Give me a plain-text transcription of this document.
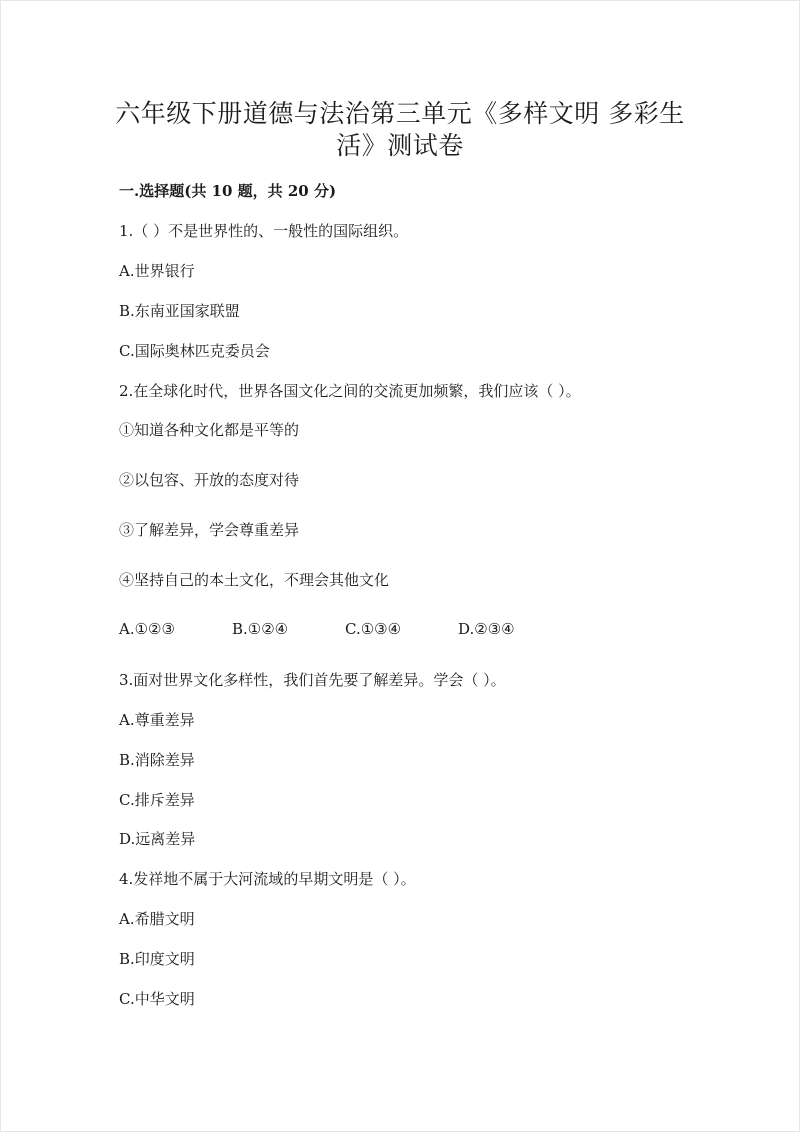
六年级下册道德与法治第三单元《多样文明 多彩生
活》测试卷
一.选择题(共 10 题，共 20 分)
1.（ ）不是世界性的、一般性的国际组织。
A.世界银行
B.东南亚国家联盟
C.国际奥林匹克委员会
2.在全球化时代，世界各国文化之间的交流更加频繁，我们应该（ ）。
①知道各种文化都是平等的
②以包容、开放的态度对待
③了解差异，学会尊重差异
④坚持自己的本土文化，不理会其他文化
A.①②③	B.①②④	C.①③④	D.②③④
3.面对世界文化多样性，我们首先要了解差异。学会（ ）。
A.尊重差异
B.消除差异
C.排斥差异
D.远离差异
4.发祥地不属于大河流域的早期文明是（ ）。
A.希腊文明
B.印度文明
C.中华文明
